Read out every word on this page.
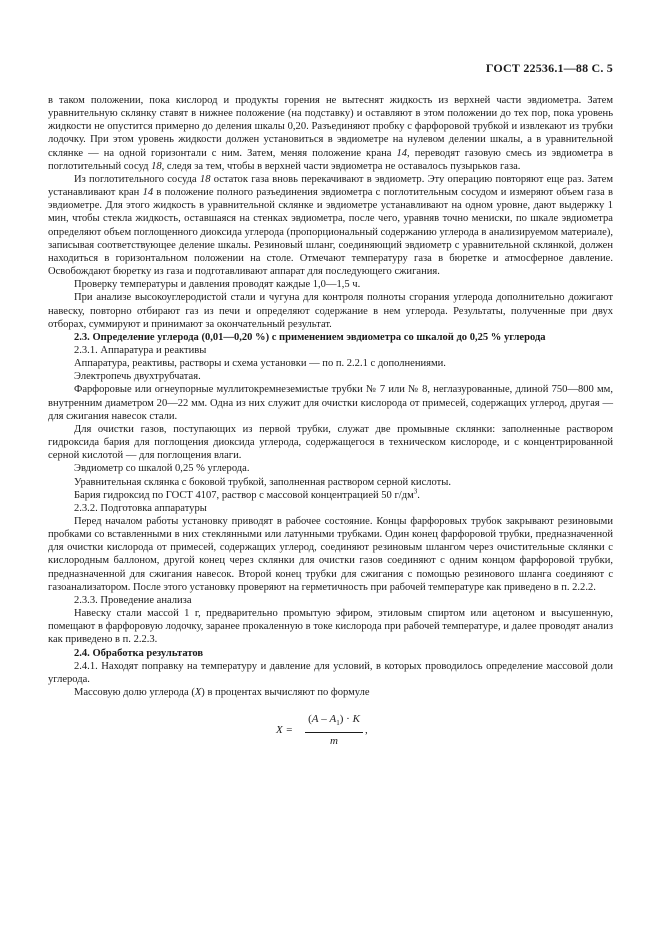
ГОСТ 22536.1—88 С. 5

в таком положении, пока кислород и продукты горения не вытеснят жидкость из верхней части эвдиометра. Затем уравнительную склянку ставят в нижнее положение (на подставку) и оставляют в этом положении до тех пор, пока уровень жидкости не опустится примерно до деления шкалы 0,20. Разъединяют пробку с фарфоровой трубкой и извлекают из трубки лодочку. При этом уровень жидкости должен установиться в эвдиометре на нулевом делении шкалы, а в уравнительной склянке — на одной горизонтали с ним. Затем, меняя положение крана 14, переводят газовую смесь из эвдиометра в поглотительный сосуд 18, следя за тем, чтобы в верхней части эвдиометра не оставалось пузырьков газа.

Из поглотительного сосуда 18 остаток газа вновь перекачивают в эвдиометр. Эту операцию повторяют еще раз. Затем устанавливают кран 14 в положение полного разъединения эвдиометра с поглотительным сосудом и измеряют объем газа в эвдиометре. Для этого жидкость в уравнительной склянке и эвдиометре устанавливают на одном уровне, дают выдержку 1 мин, чтобы стекла жидкость, оставшаяся на стенках эвдиометра, после чего, уравняв точно мениски, по шкале эвдиометра определяют объем поглощенного диоксида углерода (пропорциональный содержанию углерода в анализируемом материале), записывая соответствующее деление шкалы. Резиновый шланг, соединяющий эвдиометр с уравнительной склянкой, должен находиться в горизонтальном положении на столе. Отмечают температуру газа в бюретке и атмосферное давление. Освобождают бюретку из газа и подготавливают аппарат для последующего сжигания.

Проверку температуры и давления проводят каждые 1,0—1,5 ч.

При анализе высокоуглеродистой стали и чугуна для контроля полноты сгорания углерода дополнительно дожигают навеску, повторно отбирают газ из печи и определяют содержание в нем углерода. Результаты, полученные при двух отборах, суммируют и принимают за окончательный результат.

2.3. Определение углерода (0,01—0,20 %) с применением эвдиометра со шкалой до 0,25 % углерода

2.3.1. Аппаратура и реактивы

Аппаратура, реактивы, растворы и схема установки — по п. 2.2.1 с дополнениями.

Электропечь двухтрубчатая.

Фарфоровые или огнеупорные муллитокремнеземистые трубки № 7 или № 8, неглазурованные, длиной 750—800 мм, внутренним диаметром 20—22 мм. Одна из них служит для очистки кислорода от примесей, содержащих углерод, другая — для сжигания навесок стали.

Для очистки газов, поступающих из первой трубки, служат две промывные склянки: заполненные раствором гидроксида бария для поглощения диоксида углерода, содержащегося в техническом кислороде, и с концентрированной серной кислотой — для поглощения влаги.

Эвдиометр со шкалой 0,25 % углерода.

Уравнительная склянка с боковой трубкой, заполненная раствором серной кислоты.

Бария гидроксид по ГОСТ 4107, раствор с массовой концентрацией 50 $г/дм^3$.

2.3.2. Подготовка аппаратуры

Перед началом работы установку приводят в рабочее состояние. Концы фарфоровых трубок закрывают резиновыми пробками со вставленными в них стеклянными или латунными трубками. Один конец фарфоровой трубки, предназначенной для очистки кислорода от примесей, содержащих углерод, соединяют резиновым шлангом через очистительные склянки с кислородным баллоном, другой конец через склянки для очистки газов соединяют с одним концом фарфоровой трубки, предназначенной для сжигания навесок. Второй конец трубки для сжигания с помощью резинового шланга соединяют с газоанализатором. После этого установку проверяют на герметичность при рабочей температуре как приведено в п. 2.2.2.

2.3.3. Проведение анализа

Навеску стали массой 1 г, предварительно промытую эфиром, этиловым спиртом или ацетоном и высушенную, помещают в фарфоровую лодочку, заранее прокаленную в токе кислорода при рабочей температуре, и далее проводят анализ как приведено в п. 2.2.3.

2.4. Обработка результатов

2.4.1. Находят поправку на температуру и давление для условий, в которых проводилось определение массовой доли углерода.

Массовую долю углерода (X) в процентах вычисляют по формуле

$X = \frac{(A - A_1) \cdot K}{m}$ ,
